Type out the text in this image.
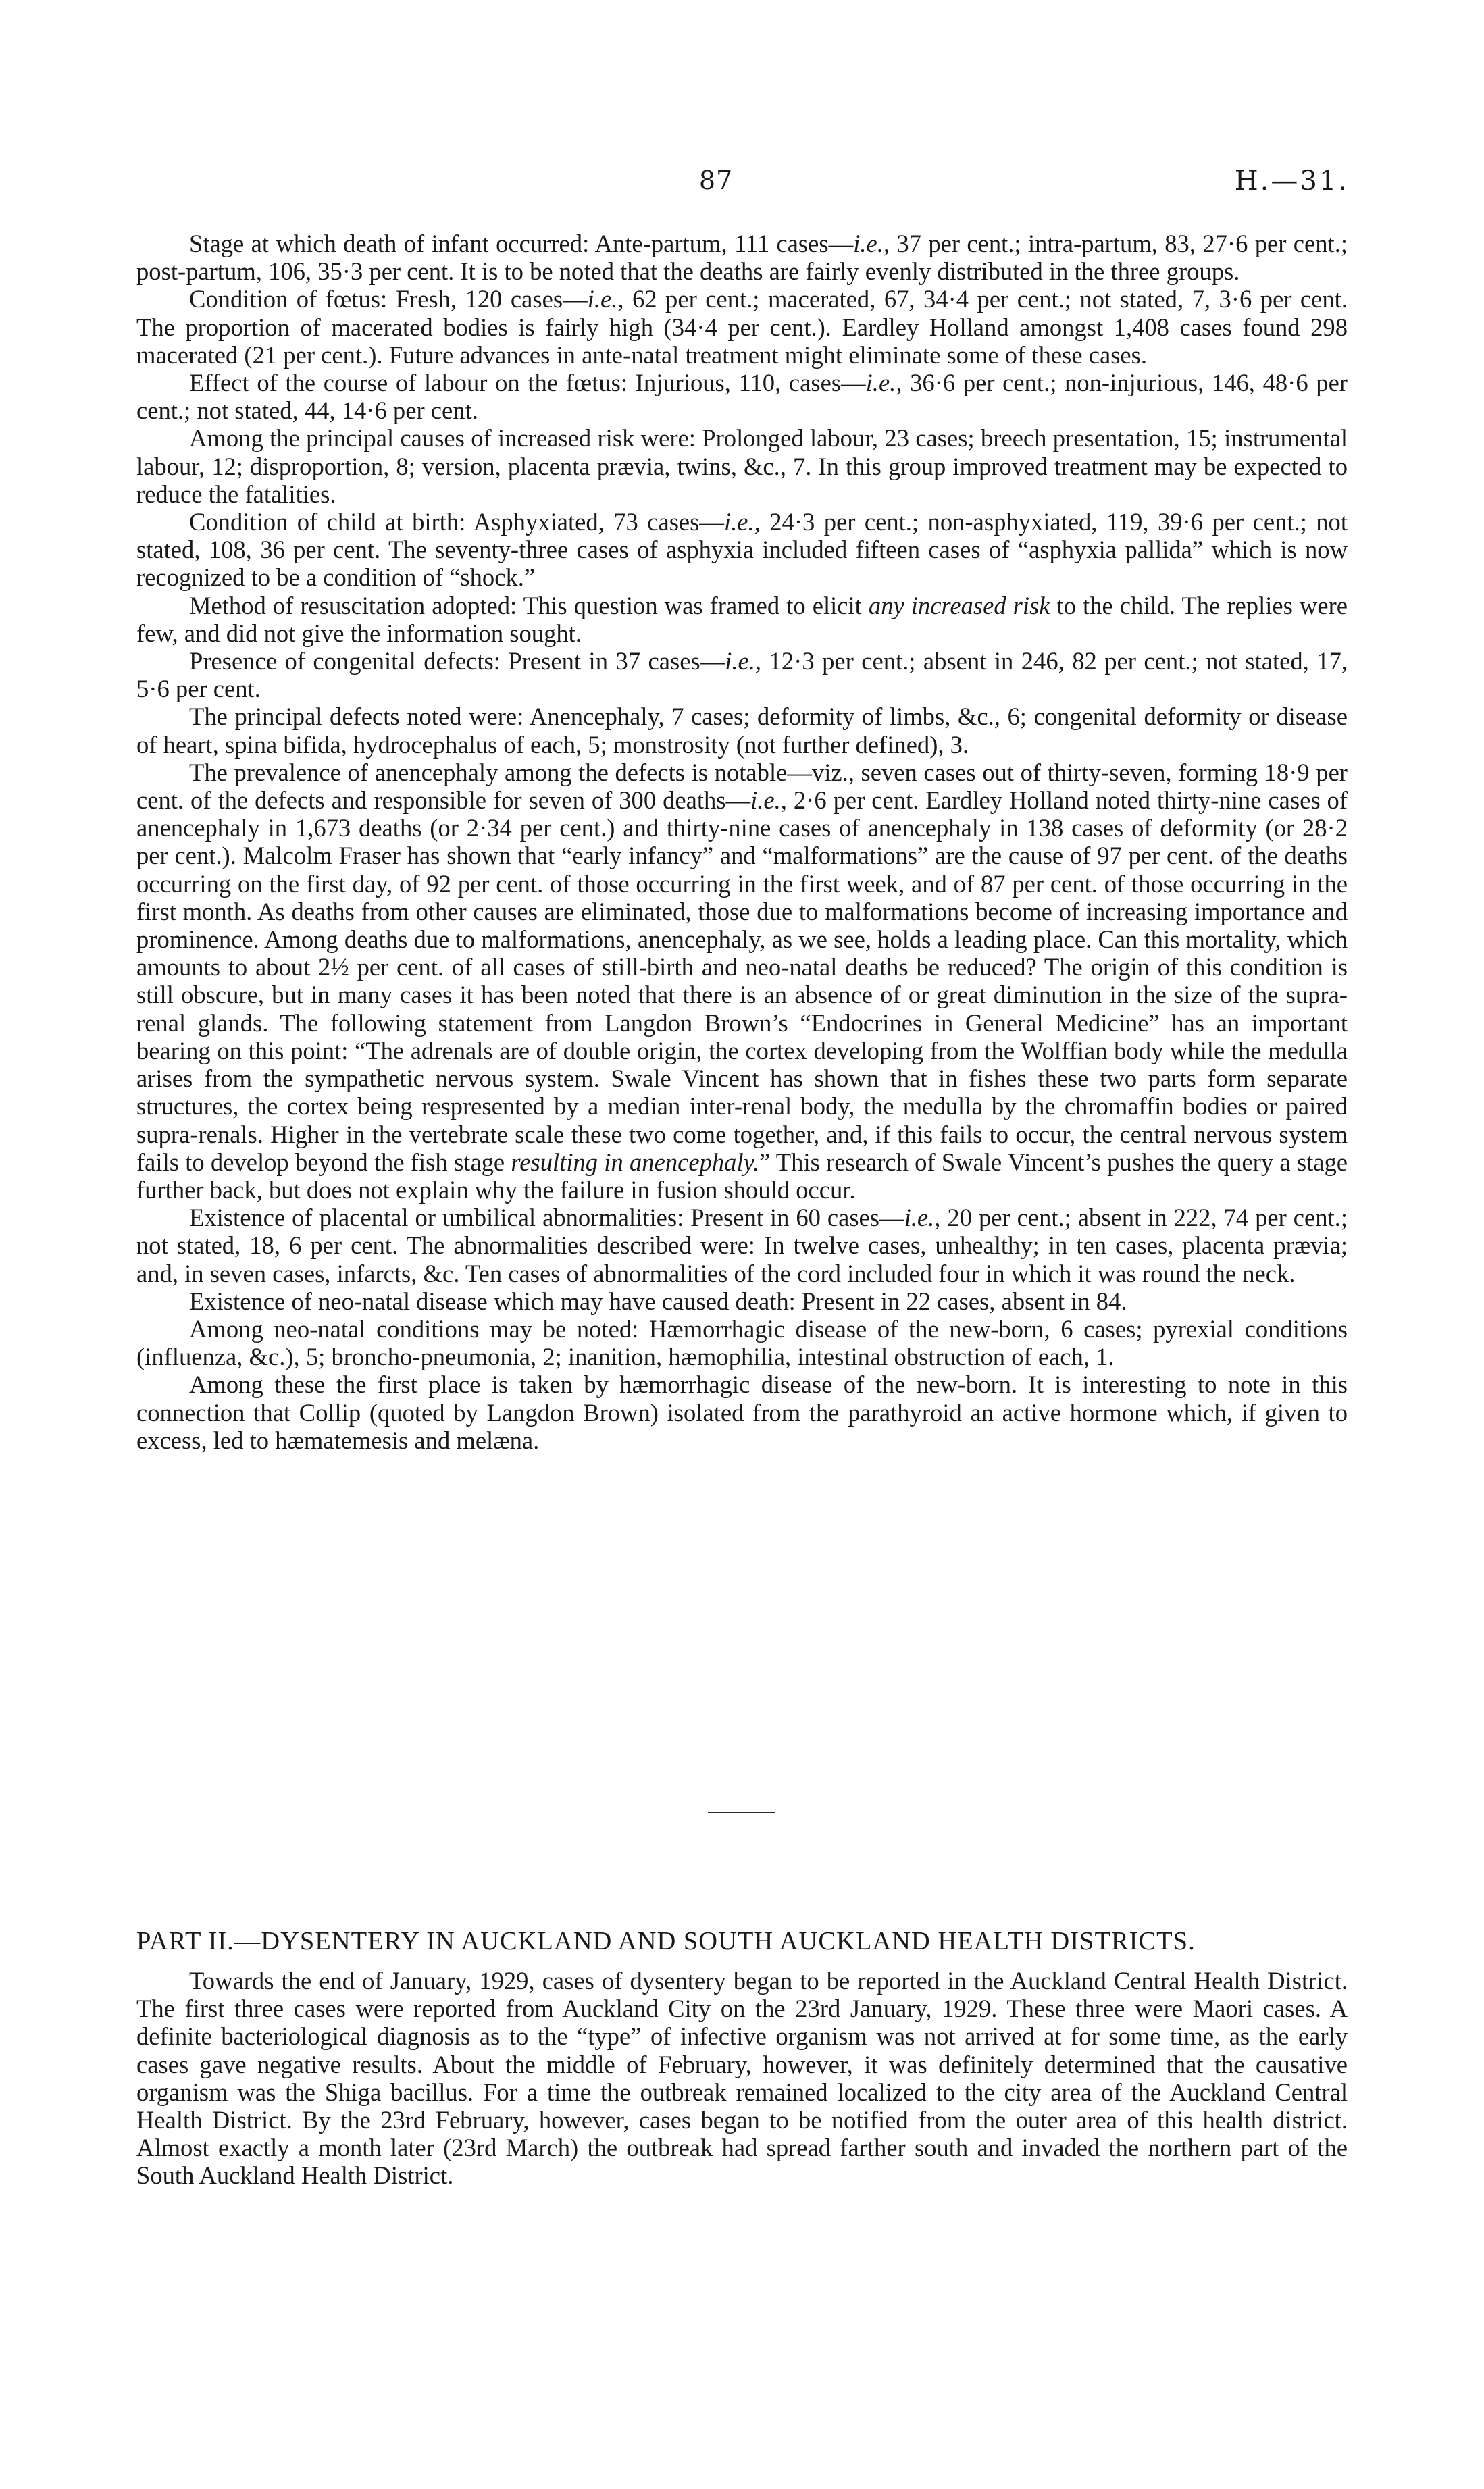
87	H.—31.

Stage at which death of infant occurred: Ante-partum, 111 cases—i.e., 37 per cent.; intra-partum, 83, 27·6 per cent.; post-partum, 106, 35·3 per cent. It is to be noted that the deaths are fairly evenly distributed in the three groups.

Condition of fœtus: Fresh, 120 cases—i.e., 62 per cent.; macerated, 67, 34·4 per cent.; not stated, 7, 3·6 per cent. The proportion of macerated bodies is fairly high (34·4 per cent.). Eardley Holland amongst 1,408 cases found 298 macerated (21 per cent.). Future advances in ante-natal treatment might eliminate some of these cases.

Effect of the course of labour on the fœtus: Injurious, 110, cases—i.e., 36·6 per cent.; non-injurious, 146, 48·6 per cent.; not stated, 44, 14·6 per cent.

Among the principal causes of increased risk were: Prolonged labour, 23 cases; breech presentation, 15; instrumental labour, 12; disproportion, 8; version, placenta prævia, twins, &c., 7. In this group improved treatment may be expected to reduce the fatalities.

Condition of child at birth: Asphyxiated, 73 cases—i.e., 24·3 per cent.; non-asphyxiated, 119, 39·6 per cent.; not stated, 108, 36 per cent. The seventy-three cases of asphyxia included fifteen cases of “asphyxia pallida” which is now recognized to be a condition of “shock.”

Method of resuscitation adopted: This question was framed to elicit any increased risk to the child. The replies were few, and did not give the information sought.

Presence of congenital defects: Present in 37 cases—i.e., 12·3 per cent.; absent in 246, 82 per cent.; not stated, 17, 5·6 per cent.

The principal defects noted were: Anencephaly, 7 cases; deformity of limbs, &c., 6; congenital deformity or disease of heart, spina bifida, hydrocephalus of each, 5; monstrosity (not further defined), 3.

The prevalence of anencephaly among the defects is notable—viz., seven cases out of thirty-seven, forming 18·9 per cent. of the defects and responsible for seven of 300 deaths—i.e., 2·6 per cent. Eardley Holland noted thirty-nine cases of anencephaly in 1,673 deaths (or 2·34 per cent.) and thirty-nine cases of anencephaly in 138 cases of deformity (or 28·2 per cent.). Malcolm Fraser has shown that “early infancy” and “malformations” are the cause of 97 per cent. of the deaths occurring on the first day, of 92 per cent. of those occurring in the first week, and of 87 per cent. of those occurring in the first month. As deaths from other causes are eliminated, those due to malformations become of increasing importance and prominence. Among deaths due to malformations, anencephaly, as we see, holds a leading place. Can this mortality, which amounts to about 2½ per cent. of all cases of still-birth and neo-natal deaths be reduced? The origin of this condition is still obscure, but in many cases it has been noted that there is an absence of or great diminution in the size of the supra-renal glands. The following statement from Langdon Brown’s “Endocrines in General Medicine” has an important bearing on this point: “The adrenals are of double origin, the cortex developing from the Wolffian body while the medulla arises from the sympathetic nervous system. Swale Vincent has shown that in fishes these two parts form separate structures, the cortex being respresented by a median inter-renal body, the medulla by the chromaffin bodies or paired supra-renals. Higher in the vertebrate scale these two come together, and, if this fails to occur, the central nervous system fails to develop beyond the fish stage resulting in anencephaly.” This research of Swale Vincent’s pushes the query a stage further back, but does not explain why the failure in fusion should occur.

Existence of placental or umbilical abnormalities: Present in 60 cases—i.e., 20 per cent.; absent in 222, 74 per cent.; not stated, 18, 6 per cent. The abnormalities described were: In twelve cases, unhealthy; in ten cases, placenta prævia; and, in seven cases, infarcts, &c. Ten cases of abnormalities of the cord included four in which it was round the neck.

Existence of neo-natal disease which may have caused death: Present in 22 cases, absent in 84.

Among neo-natal conditions may be noted: Hæmorrhagic disease of the new-born, 6 cases; pyrexial conditions (influenza, &c.), 5; broncho-pneumonia, 2; inanition, hæmophilia, intestinal obstruction of each, 1.

Among these the first place is taken by hæmorrhagic disease of the new-born. It is interesting to note in this connection that Collip (quoted by Langdon Brown) isolated from the parathyroid an active hormone which, if given to excess, led to hæmatemesis and melæna.

PART II.—DYSENTERY IN AUCKLAND AND SOUTH AUCKLAND HEALTH DISTRICTS.

Towards the end of January, 1929, cases of dysentery began to be reported in the Auckland Central Health District. The first three cases were reported from Auckland City on the 23rd January, 1929. These three were Maori cases. A definite bacteriological diagnosis as to the “type” of infective organism was not arrived at for some time, as the early cases gave negative results. About the middle of February, however, it was definitely determined that the causative organism was the Shiga bacillus. For a time the outbreak remained localized to the city area of the Auckland Central Health District. By the 23rd February, however, cases began to be notified from the outer area of this health district. Almost exactly a month later (23rd March) the outbreak had spread farther south and invaded the northern part of the South Auckland Health District.
